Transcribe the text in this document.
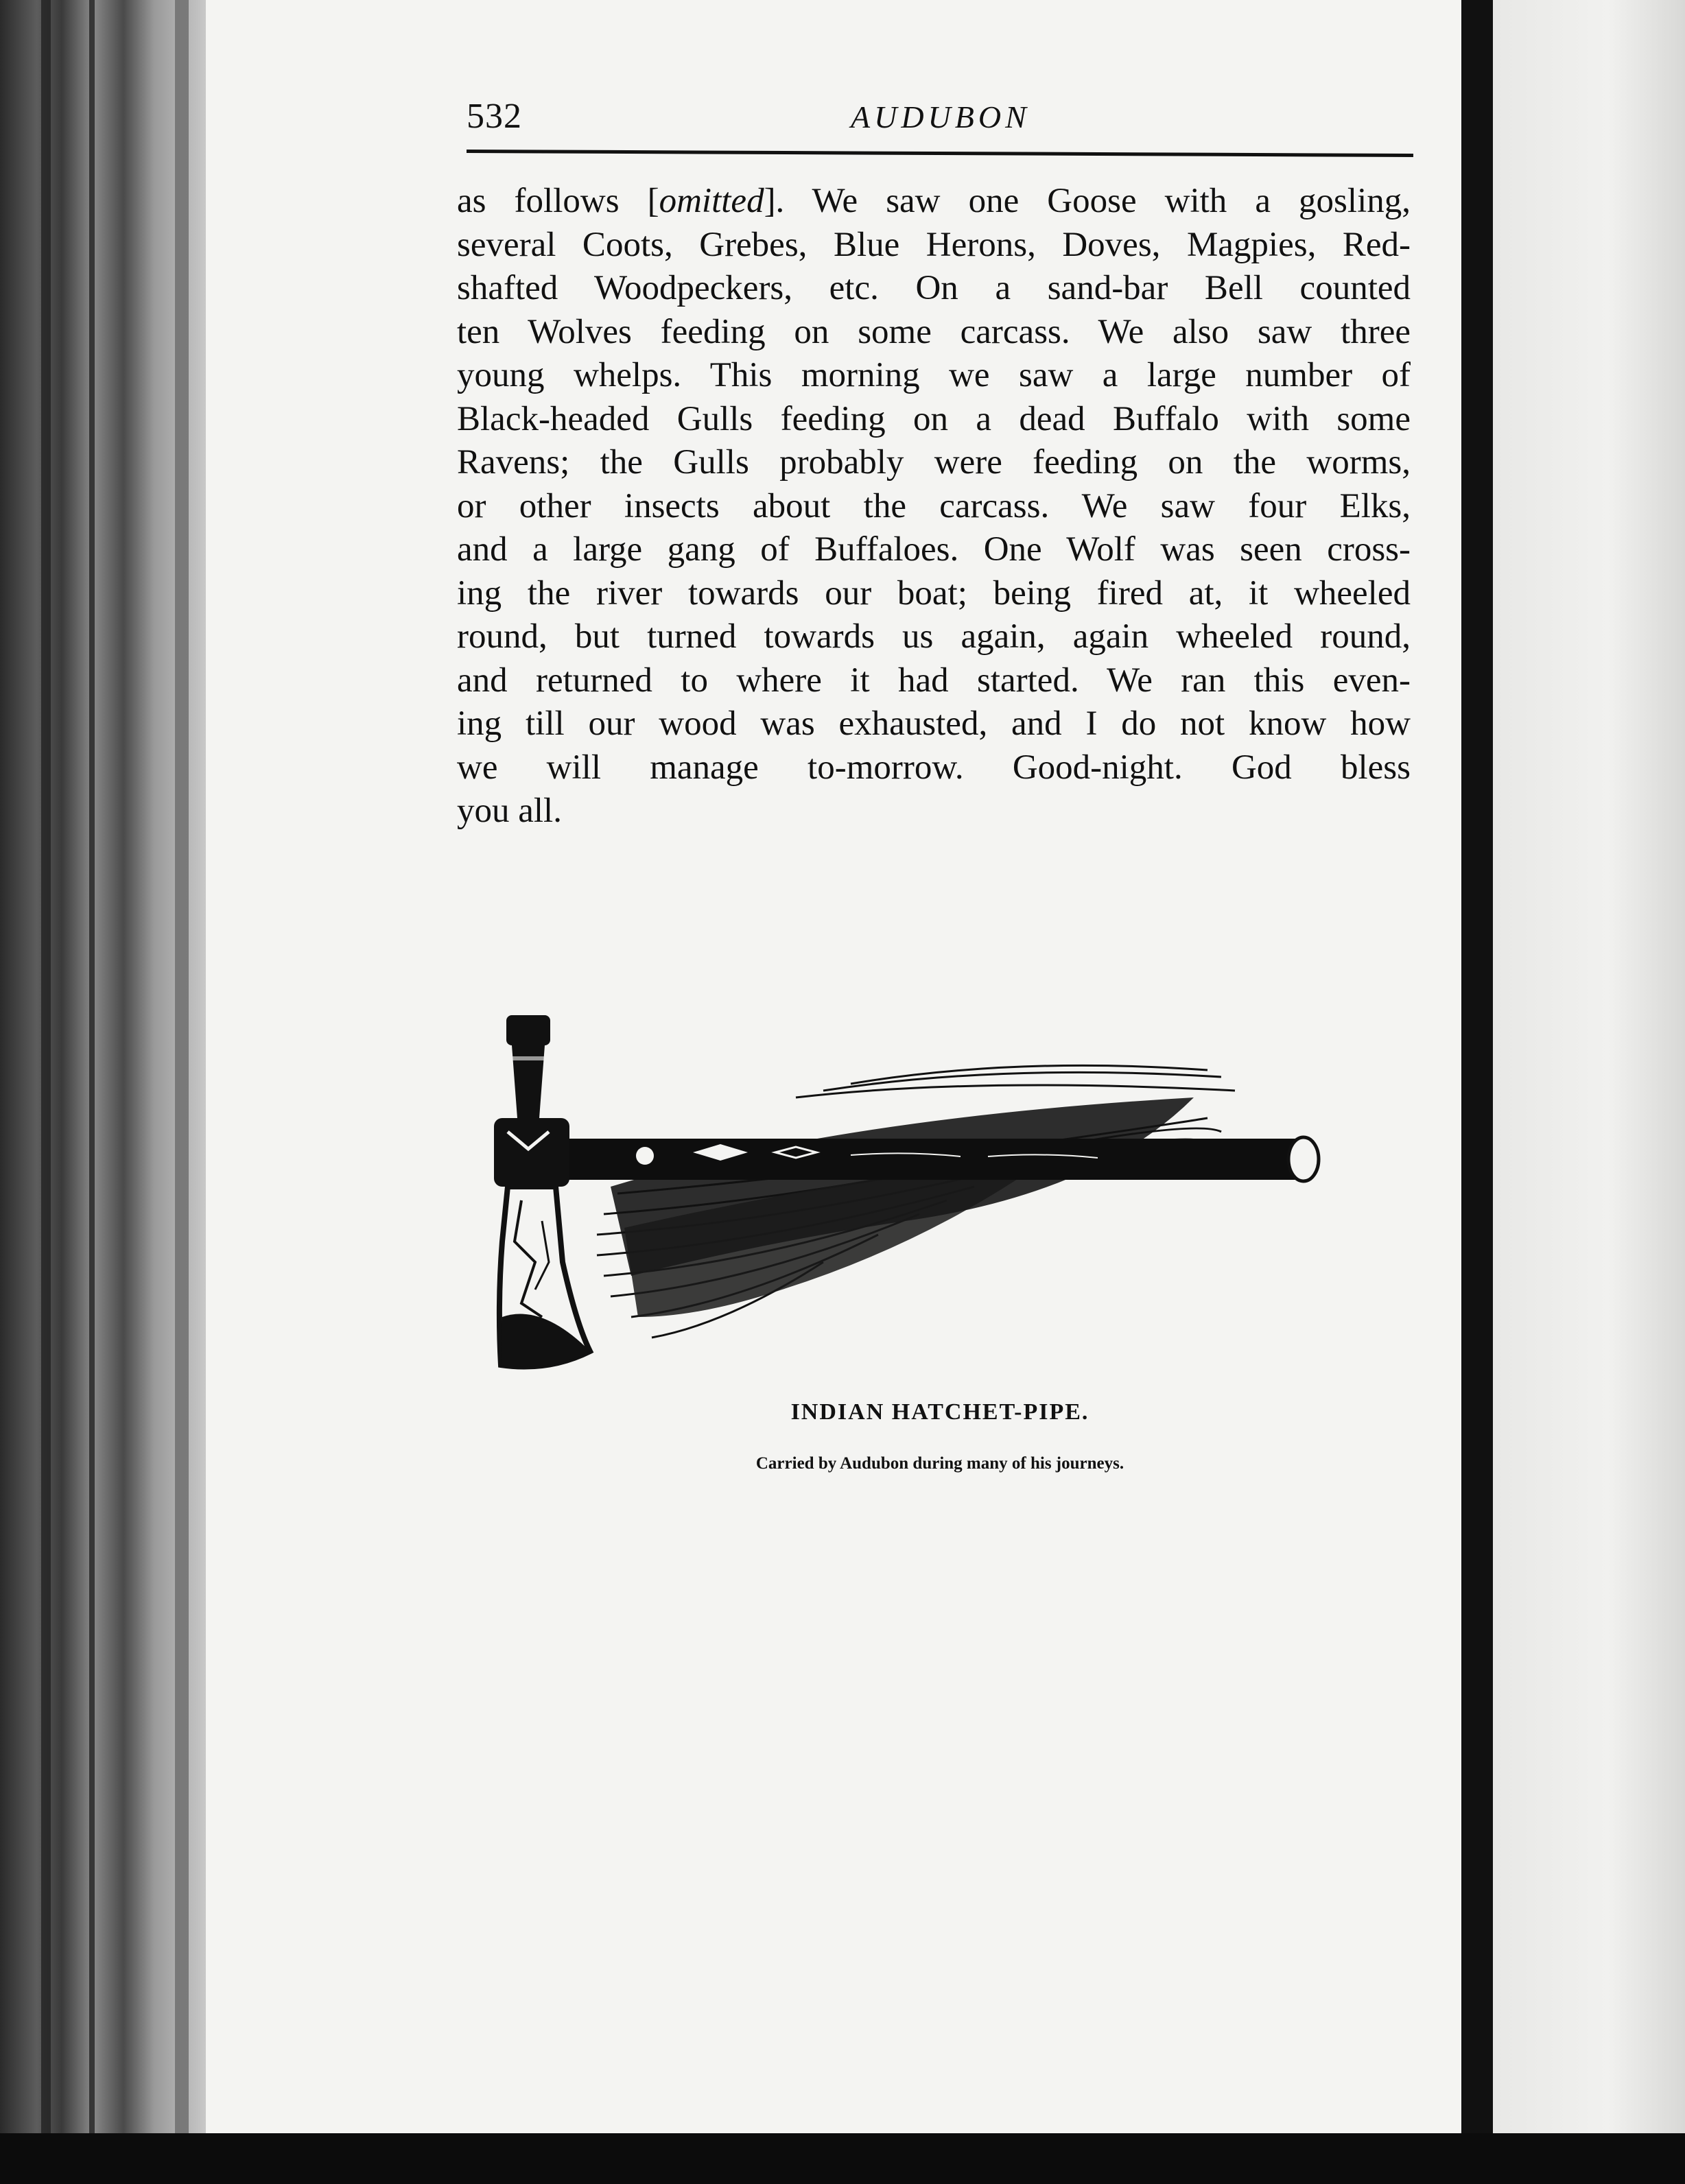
532	AUDUBON
as follows [omitted]. We saw one Goose with a gosling,
several Coots, Grebes, Blue Herons, Doves, Magpies, Red-
shafted Woodpeckers, etc. On a sand-bar Bell counted
ten Wolves feeding on some carcass. We also saw three
young whelps. This morning we saw a large number of
Black-headed Gulls feeding on a dead Buffalo with some
Ravens; the Gulls probably were feeding on the worms,
or other insects about the carcass. We saw four Elks,
and a large gang of Buffaloes. One Wolf was seen cross-
ing the river towards our boat; being fired at, it wheeled
round, but turned towards us again, again wheeled round,
and returned to where it had started. We ran this even-
ing till our wood was exhausted, and I do not know how
we will manage to-morrow. Good-night. God bless
you all.
INDIAN HATCHET-PIPE.
Carried by Audubon during many of his journeys.
